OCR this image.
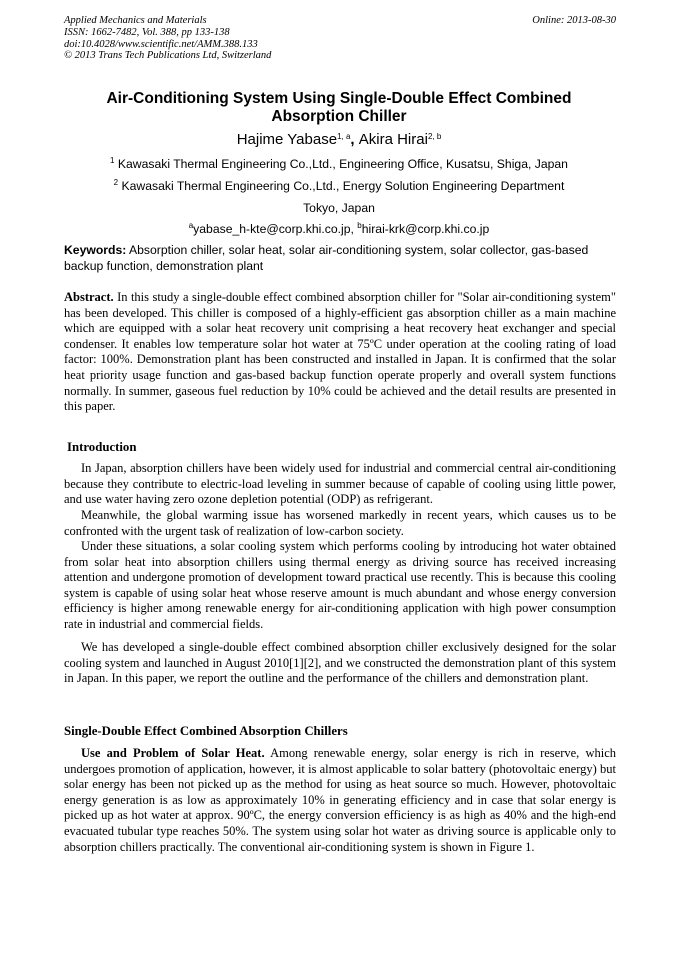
Applied Mechanics and Materials
ISSN: 1662-7482, Vol. 388, pp 133-138
doi:10.4028/www.scientific.net/AMM.388.133
© 2013 Trans Tech Publications Ltd, Switzerland
Online: 2013-08-30
Air-Conditioning System Using Single-Double Effect Combined
Absorption Chiller
Hajime Yabase$^{1, a}$, Akira Hirai$^{2, b}$
$^1$ Kawasaki Thermal Engineering Co.,Ltd., Engineering Office, Kusatsu, Shiga, Japan
$^2$ Kawasaki Thermal Engineering Co.,Ltd., Energy Solution Engineering Department
Tokyo, Japan
$^a$yabase_h-kte@corp.khi.co.jp, $^b$hirai-krk@corp.khi.co.jp
Keywords: Absorption chiller, solar heat, solar air-conditioning system, solar collector, gas-based backup function, demonstration plant
Abstract. In this study a single-double effect combined absorption chiller for "Solar air-conditioning system" has been developed. This chiller is composed of a highly-efficient gas absorption chiller as a main machine which are equipped with a solar heat recovery unit comprising a heat recovery heat exchanger and special condenser. It enables low temperature solar hot water at 75ºC under operation at the cooling rating of load factor: 100%. Demonstration plant has been constructed and installed in Japan. It is confirmed that the solar heat priority usage function and gas-based backup function operate properly and overall system functions normally. In summer, gaseous fuel reduction by 10% could be achieved and the detail results are presented in this paper.
Introduction

In Japan, absorption chillers have been widely used for industrial and commercial central air-conditioning because they contribute to electric-load leveling in summer because of capable of cooling using little power, and use water having zero ozone depletion potential (ODP) as refrigerant.

Meanwhile, the global warming issue has worsened markedly in recent years, which causes us to be confronted with the urgent task of realization of low-carbon society.

Under these situations, a solar cooling system which performs cooling by introducing hot water obtained from solar heat into absorption chillers using thermal energy as driving source has received increasing attention and undergone promotion of development toward practical use recently. This is because this cooling system is capable of using solar heat whose reserve amount is much abundant and whose energy conversion efficiency is higher among renewable energy for air-conditioning application with high power consumption rate in industrial and commercial fields.

We has developed a single-double effect combined absorption chiller exclusively designed for the solar cooling system and launched in August 2010[1][2], and we constructed the demonstration plant of this system in Japan. In this paper, we report the outline and the performance of the chillers and demonstration plant.

Single-Double Effect Combined Absorption Chillers

Use and Problem of Solar Heat. Among renewable energy, solar energy is rich in reserve, which undergoes promotion of application, however, it is almost applicable to solar battery (photovoltaic energy) but solar energy has been not picked up as the method for using as heat source so much. However, photovoltaic energy generation is as low as approximately 10% in generating efficiency and in case that solar energy is picked up as hot water at approx. 90ºC, the energy conversion efficiency is as high as 40% and the high-end evacuated tubular type reaches 50%. The system using solar hot water as driving source is applicable only to absorption chillers practically. The conventional air-conditioning system is shown in Figure 1.
